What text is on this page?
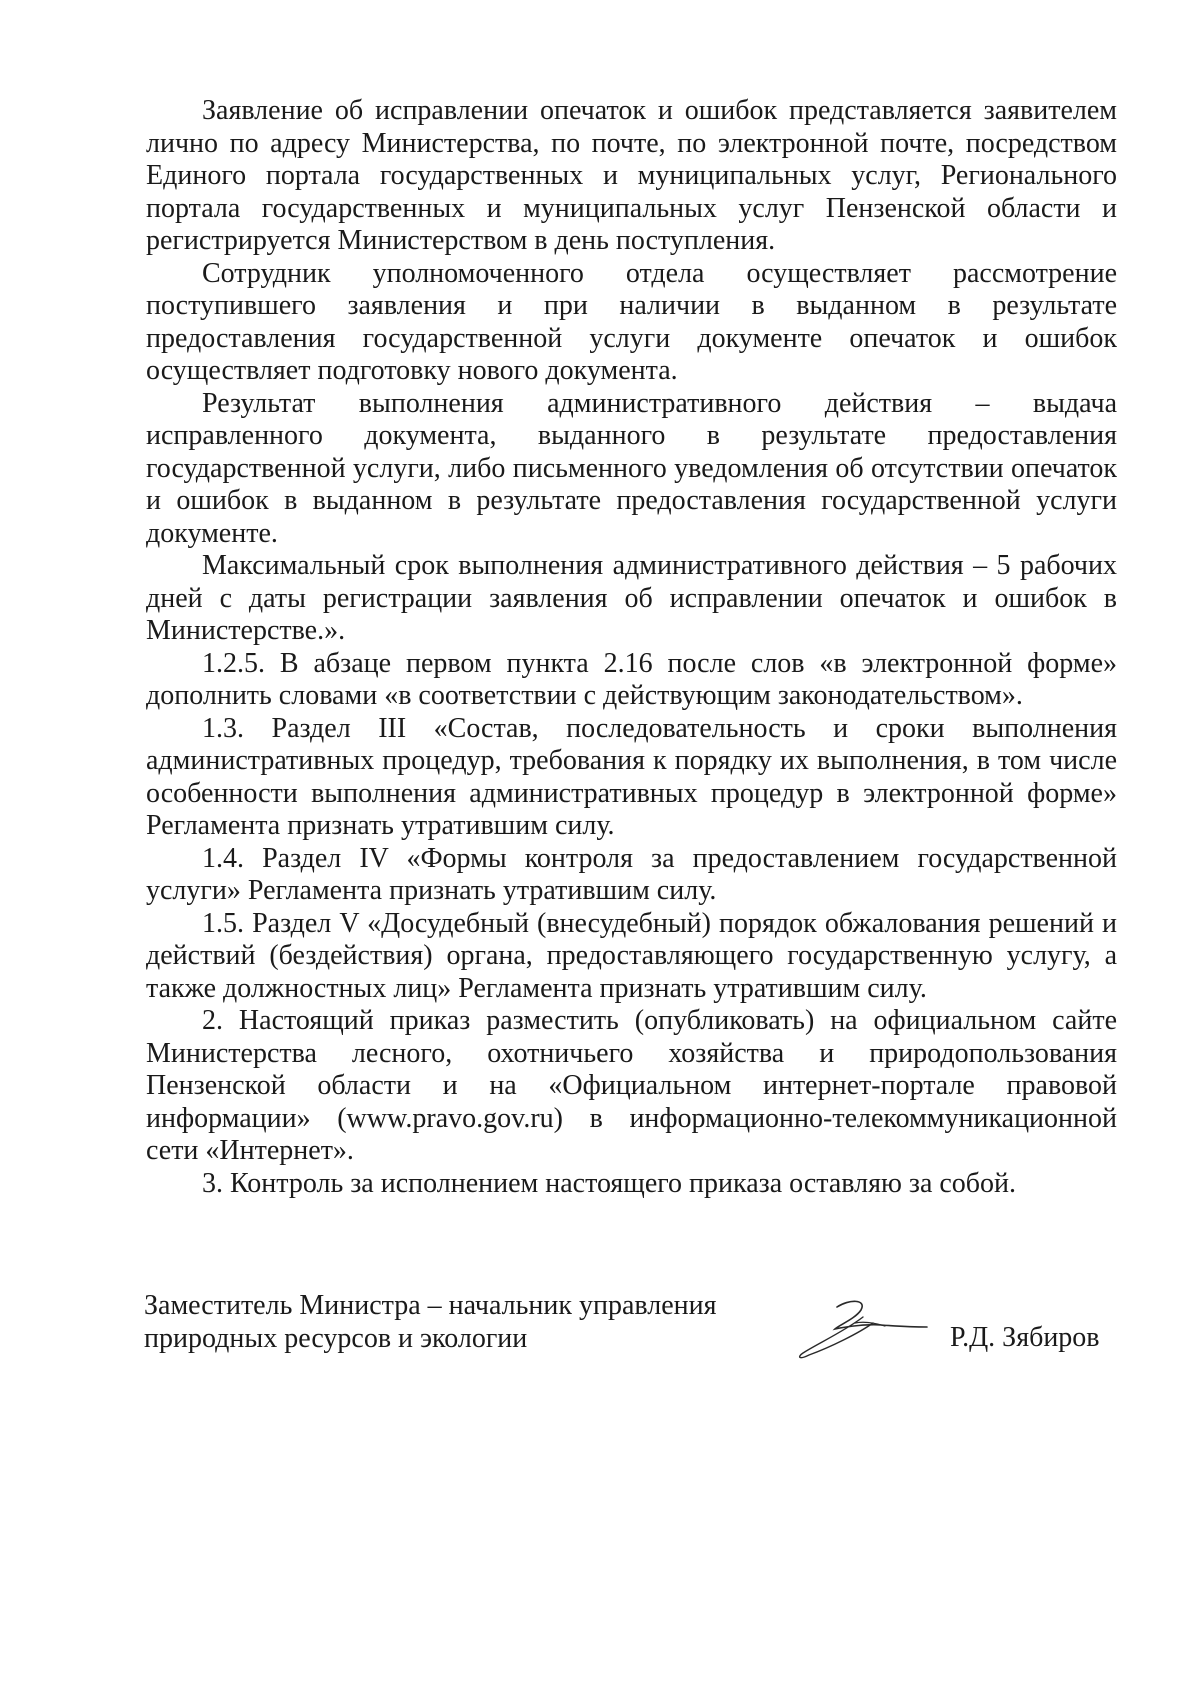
Заявление об исправлении опечаток и ошибок представляется заявителем лично по адресу Министерства, по почте, по электронной почте, посредством Единого портала государственных и муниципальных услуг, Регионального портала государственных и муниципальных услуг Пензенской области и регистрируется Министерством в день поступления.

Сотрудник уполномоченного отдела осуществляет рассмотрение поступившего заявления и при наличии в выданном в результате предоставления государственной услуги документе опечаток и ошибок осуществляет подготовку нового документа.

Результат выполнения административного действия – выдача исправленного документа, выданного в результате предоставления государственной услуги, либо письменного уведомления об отсутствии опечаток и ошибок в выданном в результате предоставления государственной услуги документе.

Максимальный срок выполнения административного действия – 5 рабочих дней с даты регистрации заявления об исправлении опечаток и ошибок в Министерстве.».

1.2.5. В абзаце первом пункта 2.16 после слов «в электронной форме» дополнить словами «в соответствии с действующим законодательством».

1.3. Раздел III «Состав, последовательность и сроки выполнения административных процедур, требования к порядку их выполнения, в том числе особенности выполнения административных процедур в электронной форме» Регламента признать утратившим силу.

1.4. Раздел IV «Формы контроля за предоставлением государственной услуги» Регламента признать утратившим силу.

1.5. Раздел V «Досудебный (внесудебный) порядок обжалования решений и действий (бездействия) органа, предоставляющего государственную услугу, а также должностных лиц» Регламента признать утратившим силу.

2. Настоящий приказ разместить (опубликовать) на официальном сайте Министерства лесного, охотничьего хозяйства и природопользования Пензенской области и на «Официальном интернет-портале правовой информации» (www.pravo.gov.ru) в информационно-телекоммуникационной сети «Интернет».

3. Контроль за исполнением настоящего приказа оставляю за собой.

Заместитель Министра – начальник управления
природных ресурсов и экологии	Р.Д. Зябиров
